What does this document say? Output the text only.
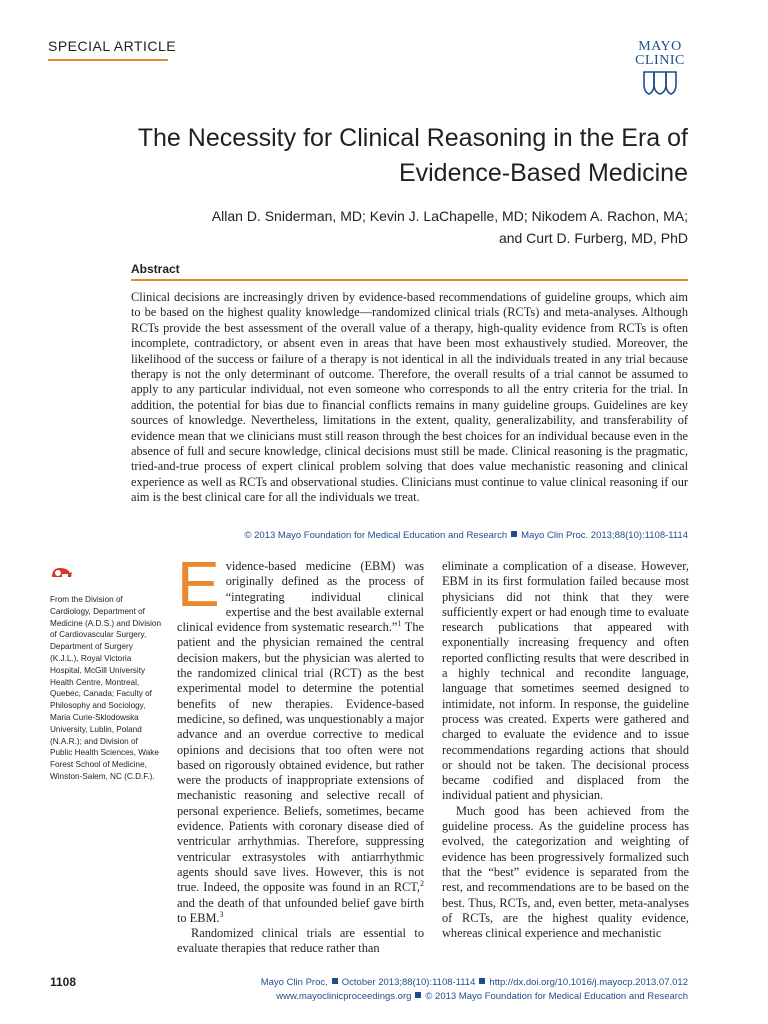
SPECIAL ARTICLE	MAYO
CLINIC
The Necessity for Clinical Reasoning in the Era of Evidence-Based Medicine
Allan D. Sniderman, MD; Kevin J. LaChapelle, MD; Nikodem A. Rachon, MA;
and Curt D. Furberg, MD, PhD
Abstract
Clinical decisions are increasingly driven by evidence-based recommendations of guideline groups, which aim to be based on the highest quality knowledge—randomized clinical trials (RCTs) and meta-analyses. Although RCTs provide the best assessment of the overall value of a therapy, high-quality evidence from RCTs is often incomplete, contradictory, or absent even in areas that have been most exhaustively studied. Moreover, the likelihood of the success or failure of a therapy is not identical in all the individuals treated in any trial because therapy is not the only determinant of outcome. Therefore, the overall results of a trial cannot be assumed to apply to any particular individual, not even someone who corresponds to all the entry criteria for the trial. In addition, the potential for bias due to financial conflicts remains in many guideline groups. Guidelines are key sources of knowledge. Nevertheless, limitations in the extent, quality, generalizability, and transferability of evidence mean that we clinicians must still reason through the best choices for an individual because even in the absence of full and secure knowledge, clinical decisions must still be made. Clinical reasoning is the pragmatic, tried-and-true process of expert clinical problem solving that does value mechanistic reasoning and clinical experience as well as RCTs and observational studies. Clinicians must continue to value clinical reasoning if our aim is the best clinical care for all the individuals we treat.
© 2013 Mayo Foundation for Medical Education and Research Mayo Clin Proc. 2013;88(10):1108-1114
From the Division of Cardiology, Department of Medicine (A.D.S.) and Division of Cardiovascular Surgery, Department of Surgery (K.J.L.), Royal Victoria Hospital, McGill University Health Centre, Montreal, Quebec, Canada; Faculty of Philosophy and Sociology, Maria Curie-Sklodowska University, Lublin, Poland (N.A.R.); and Division of Public Health Sciences, Wake Forest School of Medicine, Winston-Salem, NC (C.D.F.).

Evidence-based medicine (EBM) was originally defined as the process of “integrating individual clinical expertise and the best available external clinical evidence from systematic research.”$^1$ The patient and the physician remained the central decision makers, but the physician was alerted to the randomized clinical trial (RCT) as the best experimental model to determine the potential benefits of new therapies. Evidence-based medicine, so defined, was unquestionably a major advance and an overdue corrective to medical opinions and decisions that too often were not based on rigorously obtained evidence, but rather were the products of inappropriate extensions of mechanistic reasoning and selective recall of personal experience. Beliefs, sometimes, became evidence. Patients with coronary disease died of ventricular arrhythmias. Therefore, suppressing ventricular extrasystoles with antiarrhythmic agents should save lives. However, this is not true. Indeed, the opposite was found in an RCT,$^2$ and the death of that unfounded belief gave birth to EBM.$^3$

Randomized clinical trials are essential to evaluate therapies that reduce rather than

eliminate a complication of a disease. However, EBM in its first formulation failed because most physicians did not think that they were sufficiently expert or had enough time to evaluate research publications that appeared with exponentially increasing frequency and often reported conflicting results that were described in a highly technical and recondite language, language that sometimes seemed designed to intimidate, not inform. In response, the guideline process was created. Experts were gathered and charged to evaluate the evidence and to issue recommendations regarding actions that should or should not be taken. The decisional process became codified and displaced from the individual patient and physician.

Much good has been achieved from the guideline process. As the guideline process has evolved, the categorization and weighting of evidence has been progressively formalized such that the “best” evidence is separated from the rest, and recommendations are to be based on the best. Thus, RCTs, and, even better, meta-analyses of RCTs, are the highest quality evidence, whereas clinical experience and mechanistic

1108	Mayo Clin Proc. October 2013;88(10):1108-1114 http://dx.doi.org/10.1016/j.mayocp.2013.07.012
www.mayoclinicproceedings.org © 2013 Mayo Foundation for Medical Education and Research
